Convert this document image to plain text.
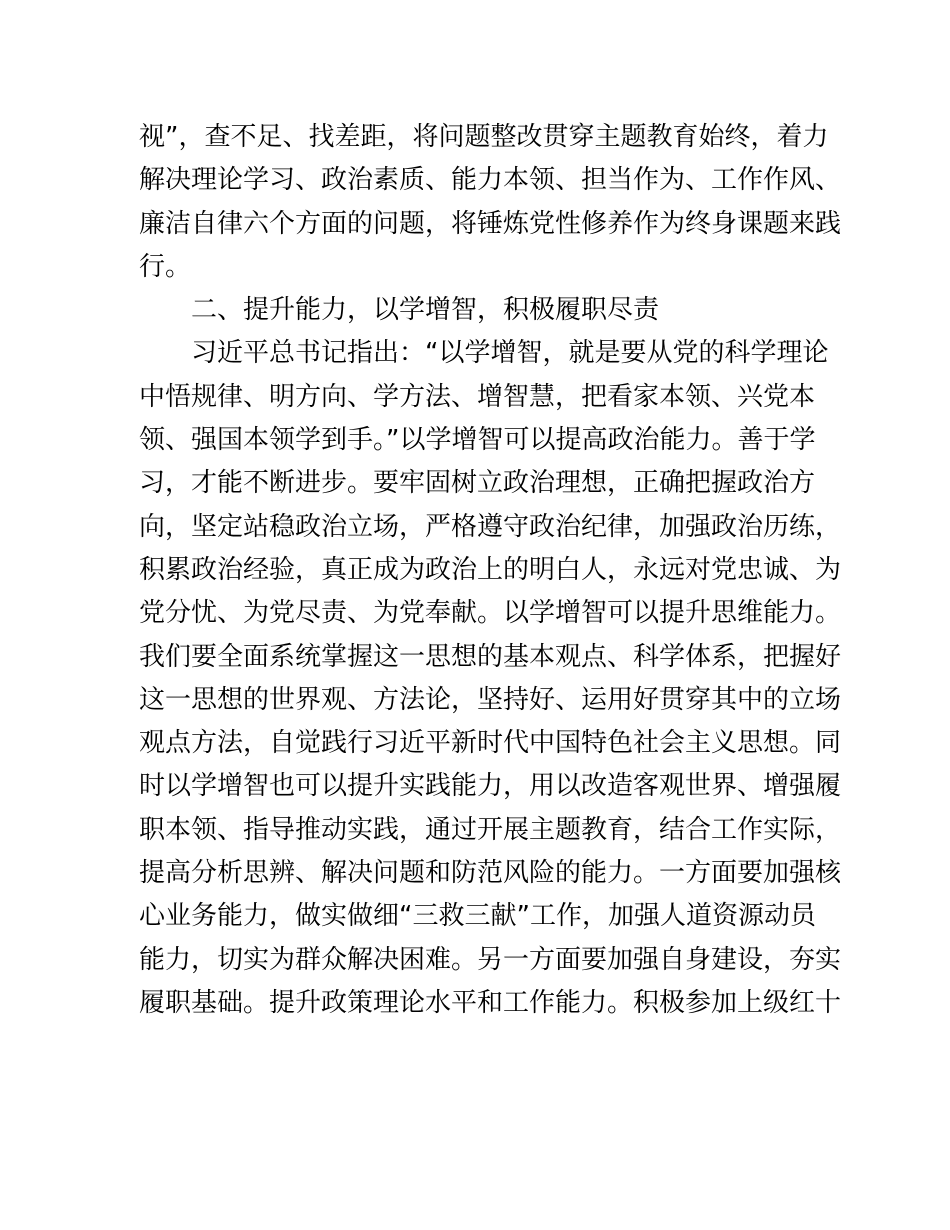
视”，查不足、找差距，将问题整改贯穿主题教育始终，着力
解决理论学习、政治素质、能力本领、担当作为、工作作风、
廉洁自律六个方面的问题，将锤炼党性修养作为终身课题来践
行。
二、提升能力，以学增智，积极履职尽责
习近平总书记指出：“以学增智，就是要从党的科学理论
中悟规律、明方向、学方法、增智慧，把看家本领、兴党本
领、强国本领学到手。”以学增智可以提高政治能力。善于学
习，才能不断进步。要牢固树立政治理想，正确把握政治方
向，坚定站稳政治立场，严格遵守政治纪律，加强政治历练，
积累政治经验，真正成为政治上的明白人，永远对党忠诚、为
党分忧、为党尽责、为党奉献。以学增智可以提升思维能力。
我们要全面系统掌握这一思想的基本观点、科学体系，把握好
这一思想的世界观、方法论，坚持好、运用好贯穿其中的立场
观点方法，自觉践行习近平新时代中国特色社会主义思想。同
时以学增智也可以提升实践能力，用以改造客观世界、增强履
职本领、指导推动实践，通过开展主题教育，结合工作实际，
提高分析思辨、解决问题和防范风险的能力。一方面要加强核
心业务能力，做实做细“三救三献”工作，加强人道资源动员
能力，切实为群众解决困难。另一方面要加强自身建设，夯实
履职基础。提升政策理论水平和工作能力。积极参加上级红十
